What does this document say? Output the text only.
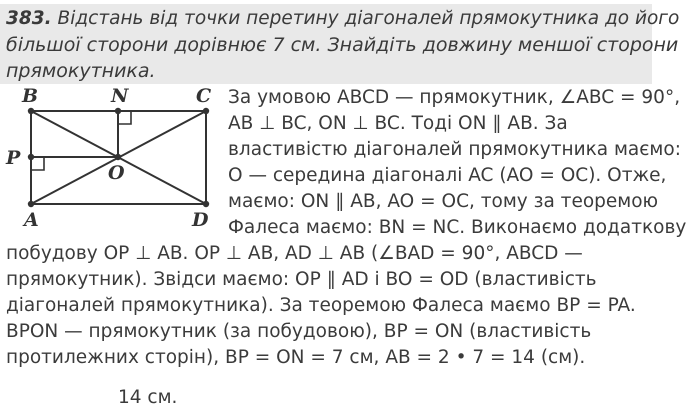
383. Відстань від точки перетину діагоналей прямокутника до його
більшої сторони дорівнює 7 см. Знайдіть довжину меншої сторони
прямокутника.
B	N	C
P
O
A	D
За умовою ABCD — прямокутник, ∠ABC = 90°,
AB ⊥ BC, ON ⊥ BC. Тоді ON ∥ AB. За
властивістю діагоналей прямокутника маємо:
O — середина діагоналі AC (AO = OC). Отже,
маємо: ON ∥ AB, AO = OC, тому за теоремою
Фалеса маємо: BN = NC. Виконаємо додаткову
побудову OP ⊥ AB. OP ⊥ AB, AD ⊥ AB (∠BAD = 90°, ABCD —
прямокутник). Звідси маємо: OP ∥ AD і BO = OD (властивість
діагоналей прямокутника). За теоремою Фалеса маємо BP = PA.
BPON — прямокутник (за побудовою), BP = ON (властивість
протилежних сторін), BP = ON = 7 см, AB = 2 • 7 = 14 (см).
14 см.
